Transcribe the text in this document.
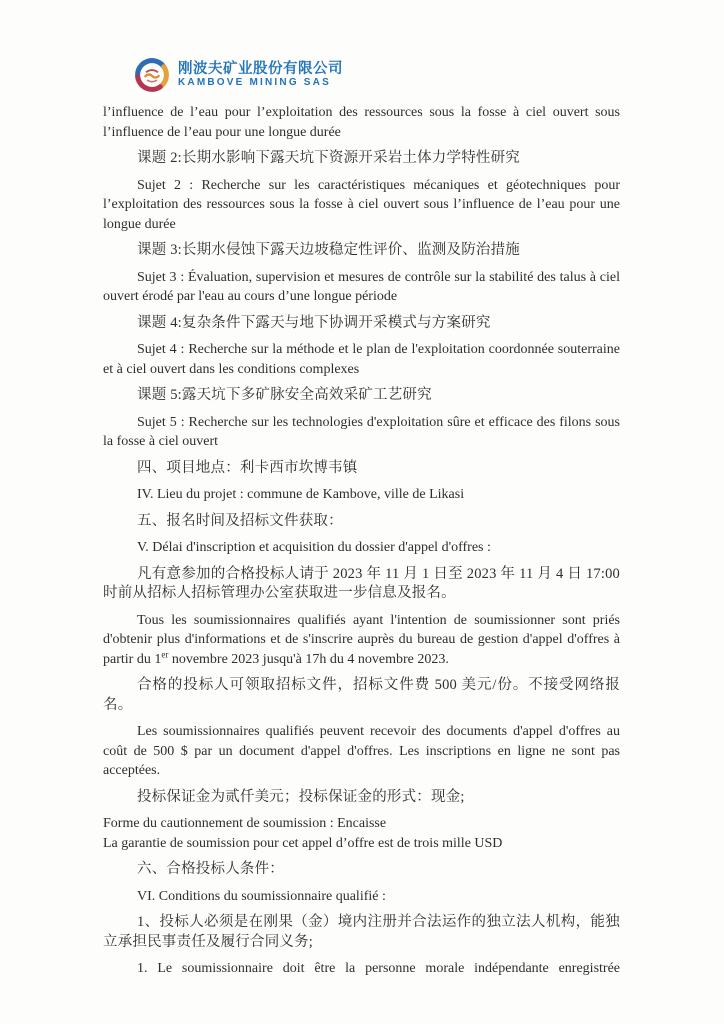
刚波夫矿业股份有限公司
KAMBOVE MINING SAS

l’influence de l’eau pour l’exploitation des ressources sous la fosse à ciel ouvert sous l’influence de l’eau pour une longue durée

课题 2:长期水影响下露天坑下资源开采岩土体力学特性研究

Sujet 2 : Recherche sur les caractéristiques mécaniques et géotechniques pour l’exploitation des ressources sous la fosse à ciel ouvert sous l’influence de l’eau pour une longue durée

课题 3:长期水侵蚀下露天边坡稳定性评价、监测及防治措施

Sujet 3 : Évaluation, supervision et mesures de contrôle sur la stabilité des talus à ciel ouvert érodé par l'eau au cours d’une longue période

课题 4:复杂条件下露天与地下协调开采模式与方案研究

Sujet 4 : Recherche sur la méthode et le plan de l'exploitation coordonnée souterraine et à ciel ouvert dans les conditions complexes

课题 5:露天坑下多矿脉安全高效采矿工艺研究

Sujet 5 : Recherche sur les technologies d'exploitation sûre et efficace des filons sous la fosse à ciel ouvert

四、项目地点：利卡西市坎博韦镇

IV. Lieu du projet : commune de Kambove, ville de Likasi

五、报名时间及招标文件获取：

V. Délai d'inscription et acquisition du dossier d'appel d'offres :

凡有意参加的合格投标人请于 2023 年 11 月 1 日至 2023 年 11 月 4 日 17:00 时前从招标人招标管理办公室获取进一步信息及报名。

Tous les soumissionnaires qualifiés ayant l'intention de soumissionner sont priés d'obtenir plus d'informations et de s'inscrire auprès du bureau de gestion d'appel d'offres à partir du 1er novembre 2023 jusqu'à 17h du 4 novembre 2023.

合格的投标人可领取招标文件，招标文件费 500 美元/份。不接受网络报名。

Les soumissionnaires qualifiés peuvent recevoir des documents d'appel d'offres au coût de 500 $ par un document d'appel d'offres. Les inscriptions en ligne ne sont pas acceptées.

投标保证金为贰仟美元；投标保证金的形式：现金;

Forme du cautionnement de soumission : Encaisse
La garantie de soumission pour cet appel d’offre est de trois mille USD

六、合格投标人条件：

VI. Conditions du soumissionnaire qualifié :

1、投标人必须是在刚果（金）境内注册并合法运作的独立法人机构，能独立承担民事责任及履行合同义务;

1. Le soumissionnaire doit être la personne morale indépendante enregistrée
